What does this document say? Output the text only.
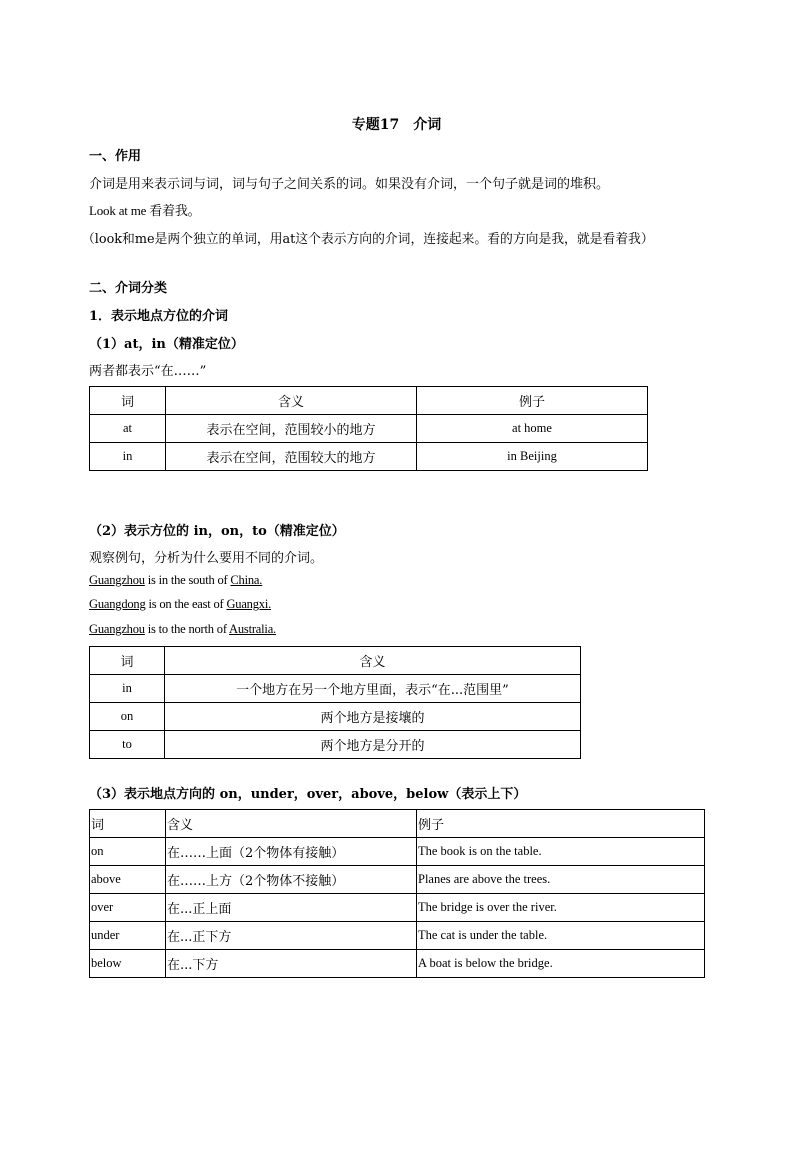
专题17　介词
一、作用
介词是用来表示词与词，词与句子之间关系的词。如果没有介词，一个句子就是词的堆积。
Look at me 看着我。
（look和me是两个独立的单词，用at这个表示方向的介词，连接起来。看的方向是我，就是看着我）
二、介词分类
1．表示地点方位的介词
（1）at，in（精准定位）
两者都表示“在……”
词	含义	例子
at	表示在空间，范围较小的地方	at home
in	表示在空间，范围较大的地方	in Beijing
（2）表示方位的 in，on，to（精准定位）
观察例句，分析为什么要用不同的介词。
Guangzhou is in the south of China.
Guangdong is on the east of Guangxi.
Guangzhou is to the north of Australia.
词	含义
in	一个地方在另一个地方里面，表示“在...范围里”
on	两个地方是接壤的
to	两个地方是分开的
（3）表示地点方向的 on，under，over，above，below（表示上下）
词	含义	例子
on	在……上面（2个物体有接触）	The book is on the table.
above	在……上方（2个物体不接触）	Planes are above the trees.
over	在...正上面	The bridge is over the river.
under	在...正下方	The cat is under the table.
below	在...下方	A boat is below the bridge.
